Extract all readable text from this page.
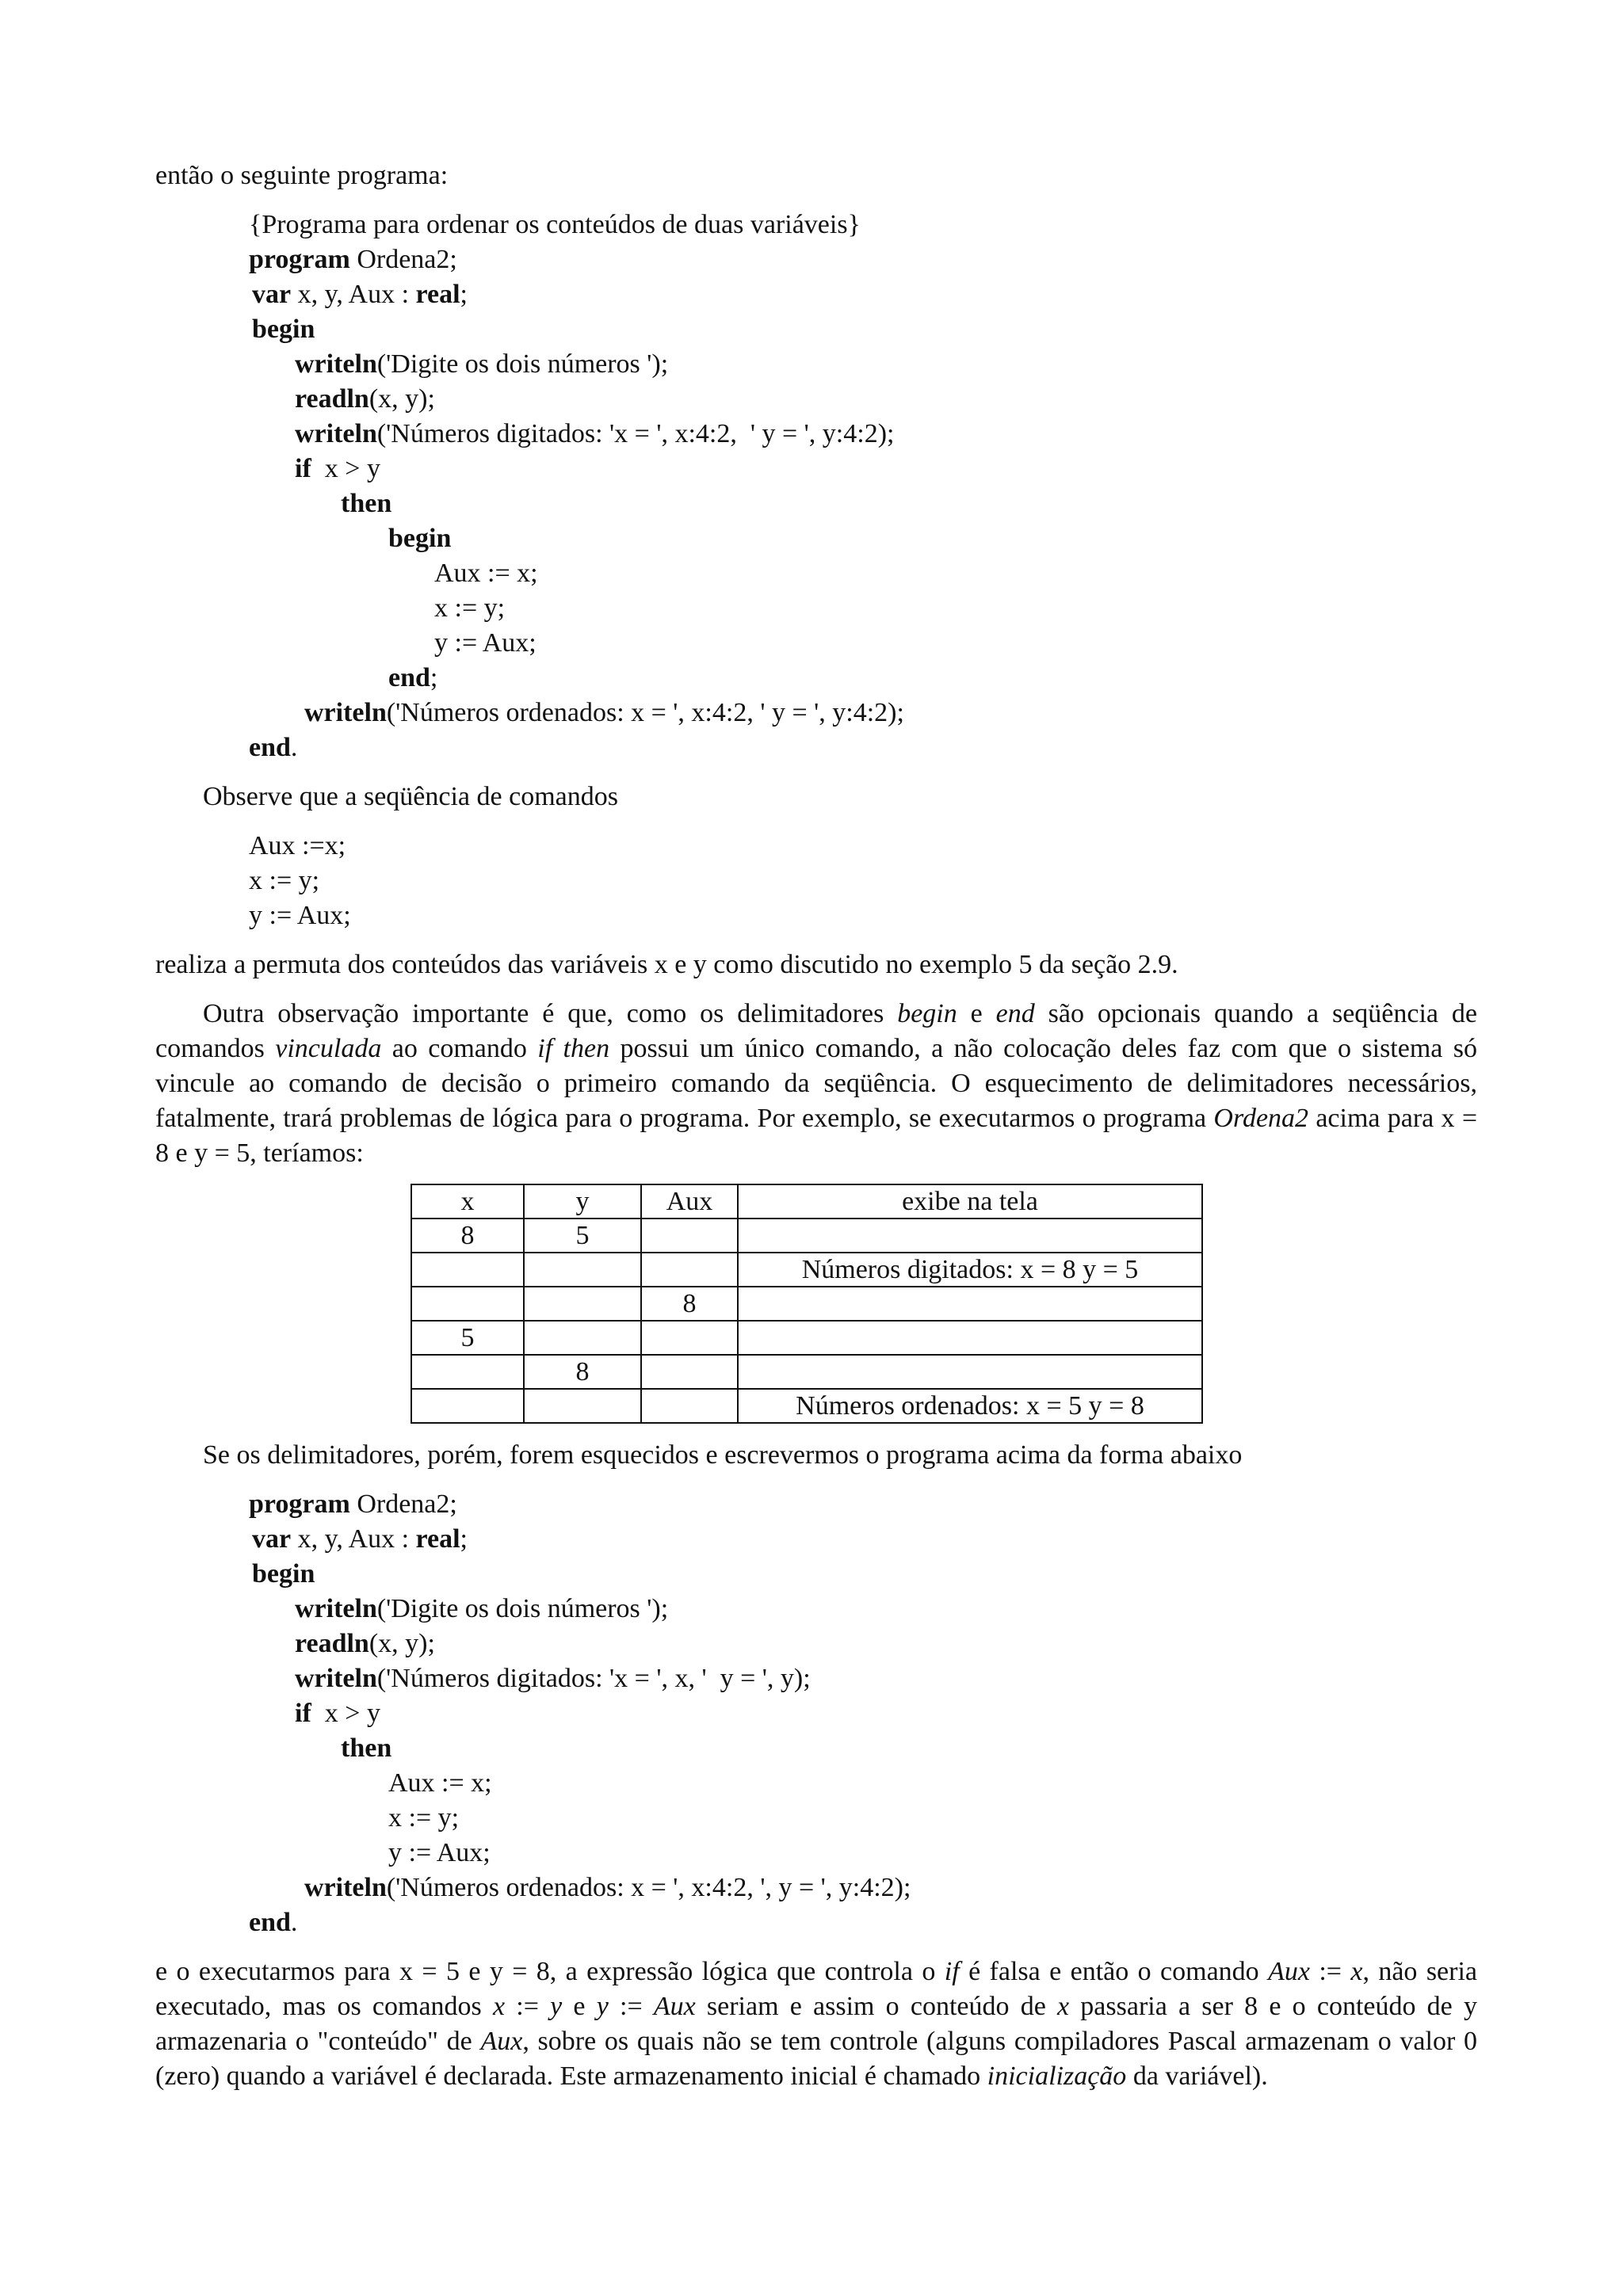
então o seguinte programa:

{Programa para ordenar os conteúdos de duas variáveis}
program Ordena2;
var x, y, Aux : real;
begin
writeln('Digite os dois números ');
readln(x, y);
writeln('Números digitados: 'x = ', x:4:2,  ' y = ', y:4:2);
if  x > y
then
begin
Aux := x;
x := y;
y := Aux;
end;
writeln('Números ordenados: x = ', x:4:2, ' y = ', y:4:2);
end.

Observe que a seqüência de comandos

Aux :=x;
x := y;
y := Aux;

realiza a permuta dos conteúdos das variáveis x e y como discutido no exemplo 5 da seção 2.9.

Outra observação importante é que, como os delimitadores begin e end são opcionais quando a seqüência de comandos vinculada ao comando if then possui um único comando, a não colocação deles faz com que o sistema só vincule ao comando de decisão o primeiro comando da seqüência. O esquecimento de delimitadores necessários, fatalmente, trará problemas de lógica para o programa. Por exemplo, se executarmos o programa Ordena2 acima para x = 8 e y = 5, teríamos:

x	y	Aux	exibe na tela
8	5		
			Números digitados: x = 8 y = 5
		8	
5			
	8		
			Números ordenados: x = 5 y = 8

Se os delimitadores, porém, forem esquecidos e escrevermos o programa acima da forma abaixo

program Ordena2;
var x, y, Aux : real;
begin
writeln('Digite os dois números ');
readln(x, y);
writeln('Números digitados: 'x = ', x, '  y = ', y);
if  x > y
then
Aux := x;
x := y;
y := Aux;
writeln('Números ordenados: x = ', x:4:2, ', y = ', y:4:2);
end.

e o executarmos para x = 5 e y = 8, a expressão lógica que controla o if é falsa e então o comando Aux := x, não seria executado, mas os comandos x := y e y := Aux seriam e assim o conteúdo de x passaria a ser 8 e o conteúdo de y armazenaria o "conteúdo" de Aux, sobre os quais não se tem controle (alguns compiladores Pascal armazenam o valor 0 (zero) quando a variável é declarada. Este armazenamento inicial é chamado inicialização da variável).
